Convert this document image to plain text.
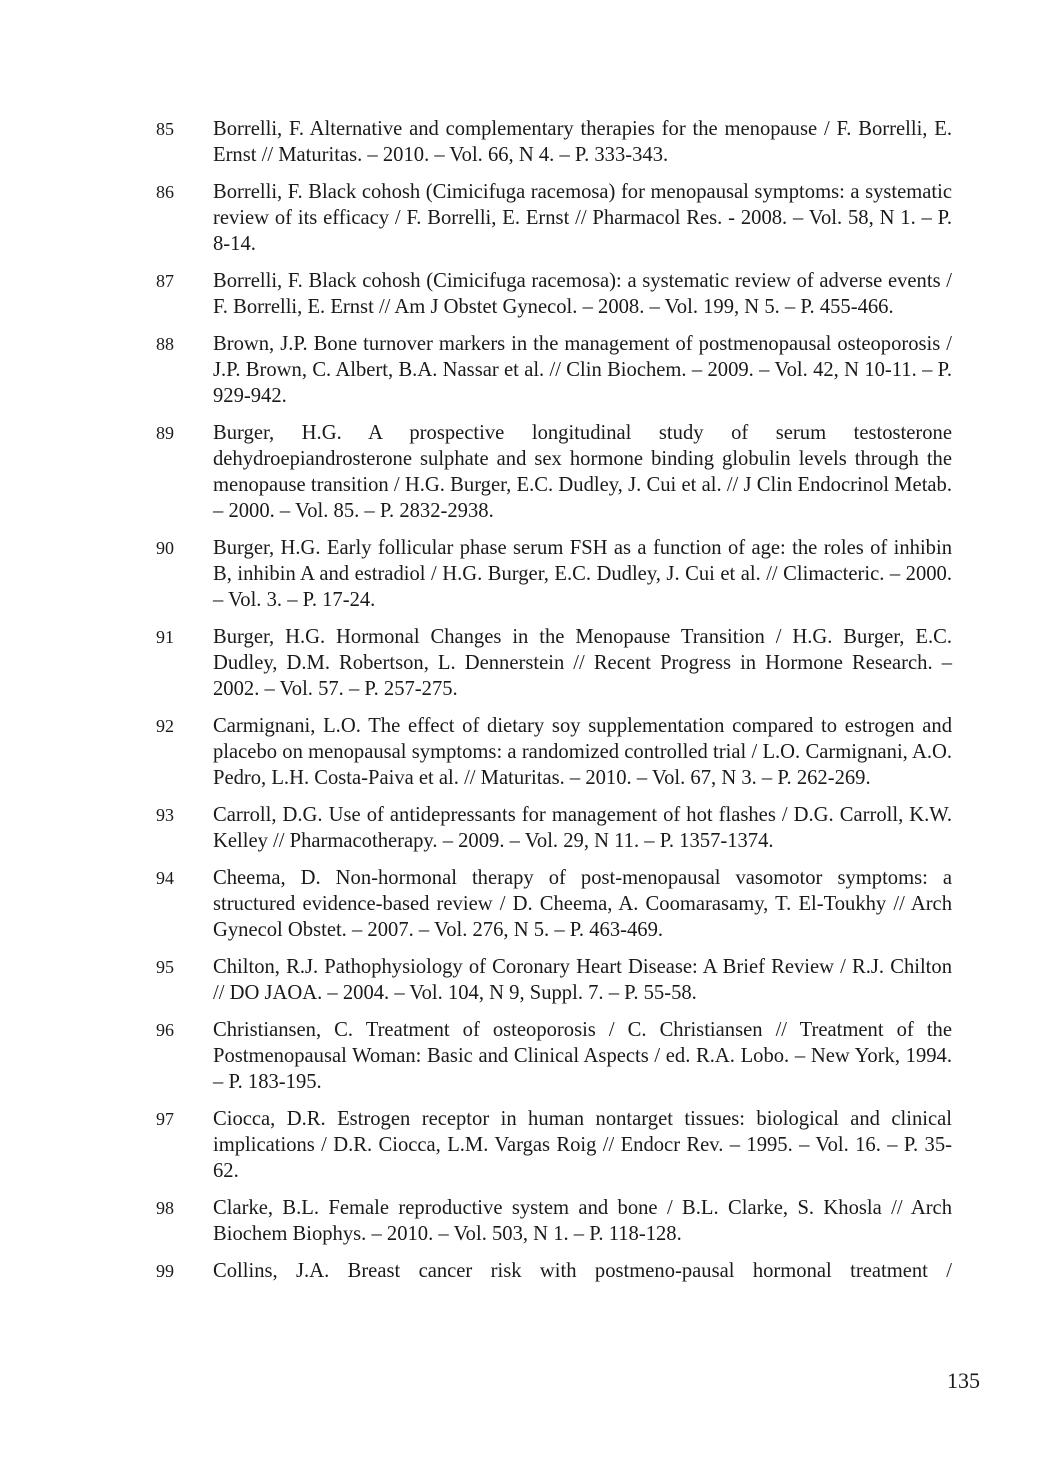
85	Borrelli, F. Alternative and complementary therapies for the menopause / F. Borrelli, E. Ernst // Maturitas. – 2010. – Vol. 66, N 4. – P. 333-343.
86	Borrelli, F. Black cohosh (Cimicifuga racemosa) for menopausal symptoms: a systematic review of its efficacy / F. Borrelli, E. Ernst // Pharmacol Res. - 2008. – Vol. 58, N 1. – P. 8-14.
87	Borrelli, F. Black cohosh (Cimicifuga racemosa): a systematic review of adverse events / F. Borrelli, E. Ernst // Am J Obstet Gynecol. – 2008. – Vol. 199, N 5. – P. 455-466.
88	Brown, J.P. Bone turnover markers in the management of postmenopausal osteoporosis / J.P. Brown, C. Albert, B.A. Nassar et al. // Clin Biochem. – 2009. – Vol. 42, N 10-11. – P. 929-942.
89	Burger, H.G. A prospective longitudinal study of serum testosterone dehydroepiandrosterone sulphate and sex hormone binding globulin levels through the menopause transition / H.G. Burger, E.C. Dudley, J. Cui et al. // J Clin Endocrinol Metab. – 2000. – Vol. 85. – P. 2832-2938.
90	Burger, H.G. Early follicular phase serum FSH as a function of age: the roles of inhibin B, inhibin A and estradiol / H.G. Burger, E.C. Dudley, J. Cui et al. // Climacteric. – 2000. – Vol. 3. – P. 17-24.
91	Burger, H.G. Hormonal Changes in the Menopause Transition / H.G. Burger, E.C. Dudley, D.M. Robertson, L. Dennerstein // Recent Progress in Hormone Research. – 2002. – Vol. 57. – P. 257-275.
92	Carmignani, L.O. The effect of dietary soy supplementation compared to estrogen and placebo on menopausal symptoms: a randomized controlled trial / L.O. Carmignani, A.O. Pedro, L.H. Costa-Paiva et al. // Maturitas. – 2010. – Vol. 67, N 3. – P. 262-269.
93	Carroll, D.G. Use of antidepressants for management of hot flashes / D.G. Carroll, K.W. Kelley // Pharmacotherapy. – 2009. – Vol. 29, N 11. – P. 1357-1374.
94	Cheema, D. Non-hormonal therapy of post-menopausal vasomotor symptoms: a structured evidence-based review / D. Cheema, A. Coomarasamy, T. El-Toukhy // Arch Gynecol Obstet. – 2007. – Vol. 276, N 5. – P. 463-469.
95	Chilton, R.J. Pathophysiology of Coronary Heart Disease: A Brief Review / R.J. Chilton // DO JAOA. – 2004. – Vol. 104, N 9, Suppl. 7. – P. 55-58.
96	Christiansen, C. Treatment of osteoporosis / C. Christiansen // Treatment of the Postmenopausal Woman: Basic and Clinical Aspects / ed. R.A. Lobo. – New York, 1994. – P. 183-195.
97	Ciocca, D.R. Estrogen receptor in human nontarget tissues: biological and clinical implications / D.R. Ciocca, L.M. Vargas Roig // Endocr Rev. – 1995. – Vol. 16. – P. 35-62.
98	Clarke, B.L. Female reproductive system and bone / B.L. Clarke, S. Khosla // Arch Biochem Biophys. – 2010. – Vol. 503, N 1. – P. 118-128.
99	Collins, J.A. Breast cancer risk with postmeno-pausal hormonal treatment /
135
